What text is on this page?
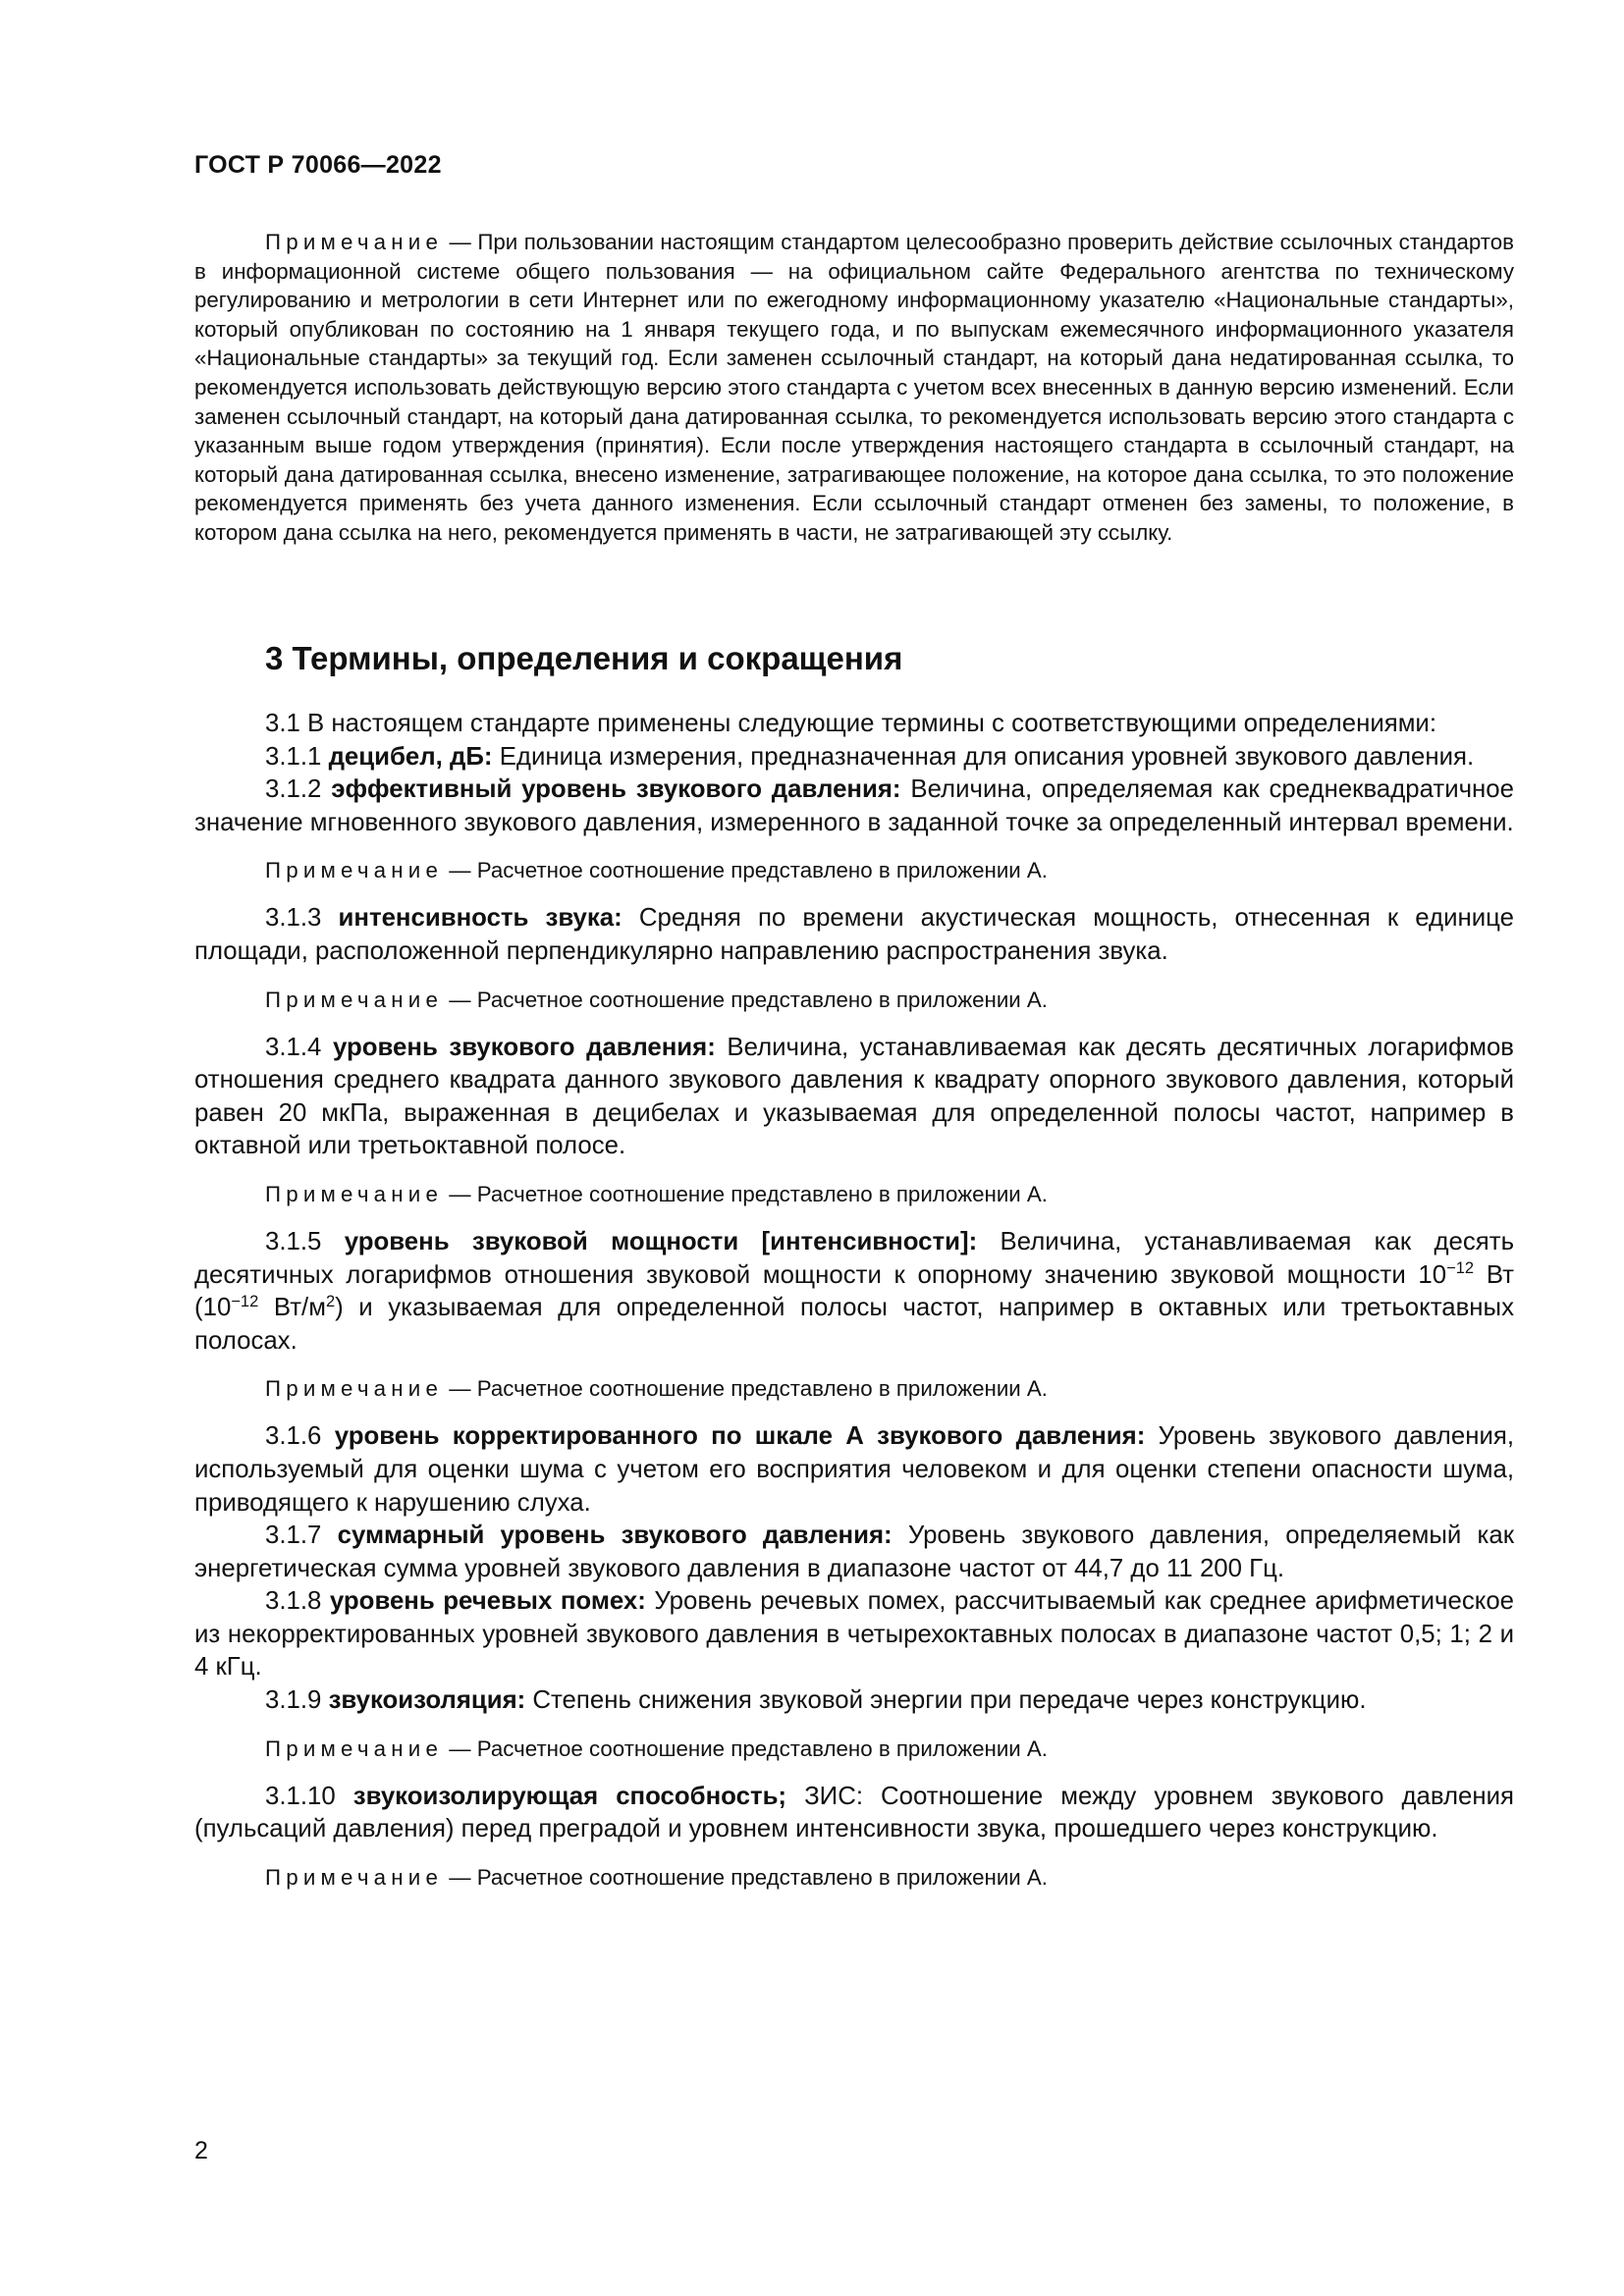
ГОСТ Р 70066—2022

Примечание — При пользовании настоящим стандартом целесообразно проверить действие ссылочных стандартов в информационной системе общего пользования — на официальном сайте Федерального агентства по техническому регулированию и метрологии в сети Интернет или по ежегодному информационному указателю «Национальные стандарты», который опубликован по состоянию на 1 января текущего года, и по выпускам ежемесячного информационного указателя «Национальные стандарты» за текущий год. Если заменен ссылочный стандарт, на который дана недатированная ссылка, то рекомендуется использовать действующую версию этого стандарта с учетом всех внесенных в данную версию изменений. Если заменен ссылочный стандарт, на который дана датированная ссылка, то рекомендуется использовать версию этого стандарта с указанным выше годом утверждения (принятия). Если после утверждения настоящего стандарта в ссылочный стандарт, на который дана датированная ссылка, внесено изменение, затрагивающее положение, на которое дана ссылка, то это положение рекомендуется применять без учета данного изменения. Если ссылочный стандарт отменен без замены, то положение, в котором дана ссылка на него, рекомендуется применять в части, не затрагивающей эту ссылку.

3 Термины, определения и сокращения

3.1 В настоящем стандарте применены следующие термины с соответствующими определениями:

3.1.1 децибел, дБ: Единица измерения, предназначенная для описания уровней звукового давления.

3.1.2 эффективный уровень звукового давления: Величина, определяемая как среднеквадратичное значение мгновенного звукового давления, измеренного в заданной точке за определенный интервал времени.

Примечание — Расчетное соотношение представлено в приложении А.

3.1.3 интенсивность звука: Средняя по времени акустическая мощность, отнесенная к единице площади, расположенной перпендикулярно направлению распространения звука.

Примечание — Расчетное соотношение представлено в приложении А.

3.1.4 уровень звукового давления: Величина, устанавливаемая как десять десятичных логарифмов отношения среднего квадрата данного звукового давления к квадрату опорного звукового давления, который равен 20 мкПа, выраженная в децибелах и указываемая для определенной полосы частот, например в октавной или третьоктавной полосе.

Примечание — Расчетное соотношение представлено в приложении А.

3.1.5 уровень звуковой мощности [интенсивности]: Величина, устанавливаемая как десять десятичных логарифмов отношения звуковой мощности к опорному значению звуковой мощности $10^{-12}$ Вт ($10^{-12}$ $Вт/м^2$) и указываемая для определенной полосы частот, например в октавных или третьоктавных полосах.

Примечание — Расчетное соотношение представлено в приложении А.

3.1.6 уровень корректированного по шкале А звукового давления: Уровень звукового давления, используемый для оценки шума с учетом его восприятия человеком и для оценки степени опасности шума, приводящего к нарушению слуха.

3.1.7 суммарный уровень звукового давления: Уровень звукового давления, определяемый как энергетическая сумма уровней звукового давления в диапазоне частот от 44,7 до 11 200 Гц.

3.1.8 уровень речевых помех: Уровень речевых помех, рассчитываемый как среднее арифметическое из некорректированных уровней звукового давления в четырехоктавных полосах в диапазоне частот 0,5; 1; 2 и 4 кГц.

3.1.9 звукоизоляция: Степень снижения звуковой энергии при передаче через конструкцию.

Примечание — Расчетное соотношение представлено в приложении А.

3.1.10 звукоизолирующая способность; ЗИС: Соотношение между уровнем звукового давления (пульсаций давления) перед преградой и уровнем интенсивности звука, прошедшего через конструкцию.

Примечание — Расчетное соотношение представлено в приложении А.

2
